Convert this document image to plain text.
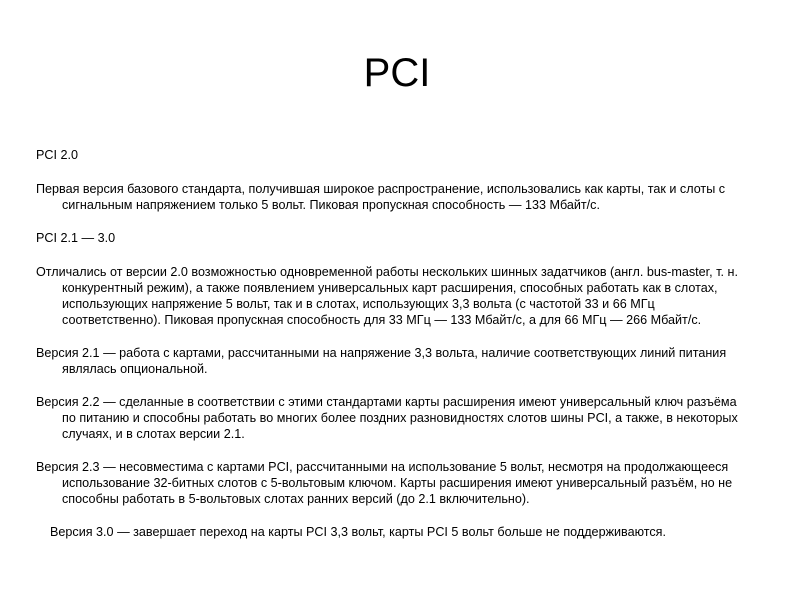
PCI

PCI 2.0

Первая версия базового стандарта, получившая широкое распространение, использовались как карты, так и слоты с сигнальным напряжением только 5 вольт. Пиковая пропускная способность — 133 Мбайт/с.

PCI 2.1 — 3.0

Отличались от версии 2.0 возможностью одновременной работы нескольких шинных задатчиков (англ. bus-master, т. н. конкурентный режим), а также появлением универсальных карт расширения, способных работать как в слотах, использующих напряжение 5 вольт, так и в слотах, использующих 3,3 вольта (с частотой 33 и 66 МГц соответственно). Пиковая пропускная способность для 33 МГц — 133 Мбайт/с, а для 66 МГц — 266 Мбайт/с.

Версия 2.1 — работа с картами, рассчитанными на напряжение 3,3 вольта, наличие соответствующих линий питания являлась опциональной.

Версия 2.2 — сделанные в соответствии с этими стандартами карты расширения имеют универсальный ключ разъёма по питанию и способны работать во многих более поздних разновидностях слотов шины PCI, а также, в некоторых случаях, и в слотах версии 2.1.

Версия 2.3 — несовместима с картами PCI, рассчитанными на использование 5 вольт, несмотря на продолжающееся использование 32-битных слотов с 5-вольтовым ключом. Карты расширения имеют универсальный разъём, но не способны работать в 5-вольтовых слотах ранних версий (до 2.1 включительно).

Версия 3.0 — завершает переход на карты PCI 3,3 вольт, карты PCI 5 вольт больше не поддерживаются.
